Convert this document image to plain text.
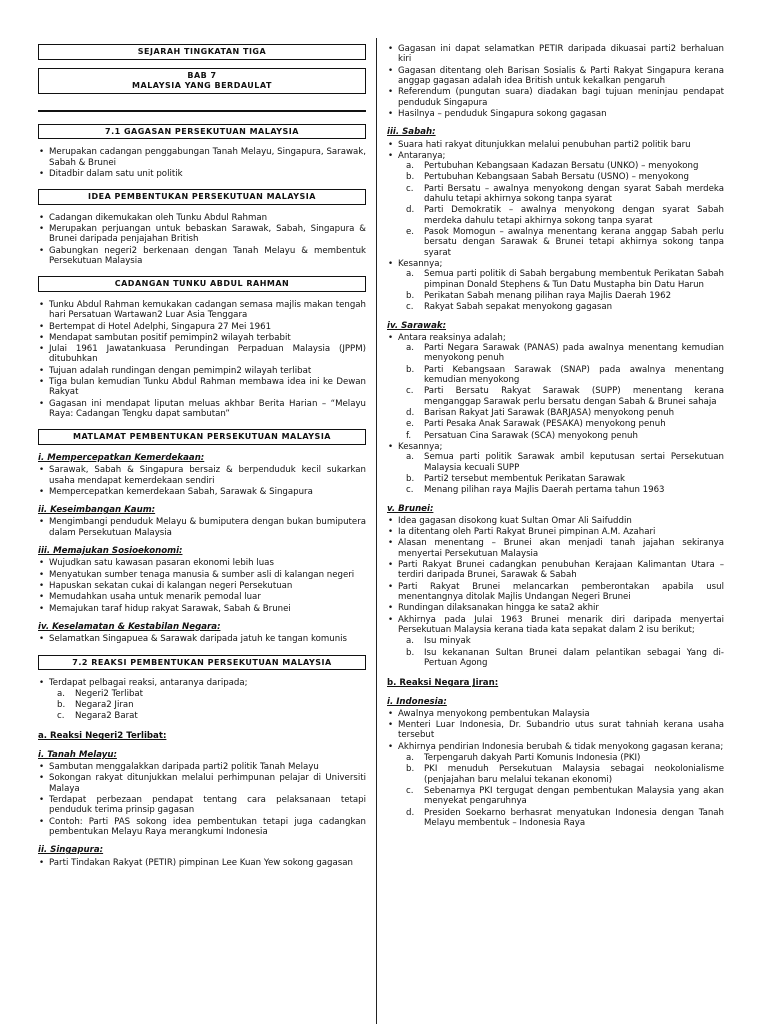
SEJARAH TINGKATAN TIGA
BAB 7
MALAYSIA YANG BERDAULAT
7.1 GAGASAN PERSEKUTUAN MALAYSIA
• Merupakan cadangan penggabungan Tanah Melayu, Singapura, Sarawak, Sabah & Brunei
• Ditadbir dalam satu unit politik
IDEA PEMBENTUKAN PERSEKUTUAN MALAYSIA
• Cadangan dikemukakan oleh Tunku Abdul Rahman
• Merupakan perjuangan untuk bebaskan Sarawak, Sabah, Singapura & Brunei daripada penjajahan British
• Gabungkan negeri2 berkenaan dengan Tanah Melayu & membentuk Persekutuan Malaysia
CADANGAN TUNKU ABDUL RAHMAN
• Tunku Abdul Rahman kemukakan cadangan semasa majlis makan tengah hari Persatuan Wartawan2 Luar Asia Tenggara
• Bertempat di Hotel Adelphi, Singapura 27 Mei 1961
• Mendapat sambutan positif pemimpin2 wilayah terbabit
• Julai 1961 Jawatankuasa Perundingan Perpaduan Malaysia (JPPM) ditubuhkan
• Tujuan adalah rundingan dengan pemimpin2 wilayah terlibat
• Tiga bulan kemudian Tunku Abdul Rahman membawa idea ini ke Dewan Rakyat
• Gagasan ini mendapat liputan meluas akhbar Berita Harian – “Melayu Raya: Cadangan Tengku dapat sambutan”
MATLAMAT PEMBENTUKAN PERSEKUTUAN MALAYSIA
i. Mempercepatkan Kemerdekaan:
• Sarawak, Sabah & Singapura bersaiz & berpenduduk kecil sukarkan usaha mendapat kemerdekaan sendiri
• Mempercepatkan kemerdekaan Sabah, Sarawak & Singapura
ii. Keseimbangan Kaum:
• Mengimbangi penduduk Melayu & bumiputera dengan bukan bumiputera dalam Persekutuan Malaysia
iii. Memajukan Sosioekonomi:
• Wujudkan satu kawasan pasaran ekonomi lebih luas
• Menyatukan sumber tenaga manusia & sumber asli di kalangan negeri
• Hapuskan sekatan cukai di kalangan negeri Persekutuan
• Memudahkan usaha untuk menarik pemodal luar
• Memajukan taraf hidup rakyat Sarawak, Sabah & Brunei
iv. Keselamatan & Kestabilan Negara:
• Selamatkan Singapuea & Sarawak daripada jatuh ke tangan komunis
7.2 REAKSI PEMBENTUKAN PERSEKUTUAN MALAYSIA
• Terdapat pelbagai reaksi, antaranya daripada;
a. Negeri2 Terlibat
b. Negara2 Jiran
c. Negara2 Barat
a. Reaksi Negeri2 Terlibat:
i. Tanah Melayu:
• Sambutan menggalakkan daripada parti2 politik Tanah Melayu
• Sokongan rakyat ditunjukkan melalui perhimpunan pelajar di Universiti Malaya
• Terdapat perbezaan pendapat tentang cara pelaksanaan tetapi penduduk terima prinsip gagasan
• Contoh: Parti PAS sokong idea pembentukan tetapi juga cadangkan pembentukan Melayu Raya merangkumi Indonesia
ii. Singapura:
• Parti Tindakan Rakyat (PETIR) pimpinan Lee Kuan Yew sokong gagasan
• Gagasan ini dapat selamatkan PETIR daripada dikuasai parti2 berhaluan kiri
• Gagasan ditentang oleh Barisan Sosialis & Parti Rakyat Singapura kerana anggap gagasan adalah idea British untuk kekalkan pengaruh
• Referendum (pungutan suara) diadakan bagi tujuan meninjau pendapat penduduk Singapura
• Hasilnya – penduduk Singapura sokong gagasan
iii. Sabah:
• Suara hati rakyat ditunjukkan melalui penubuhan parti2 politik baru
• Antaranya;
a. Pertubuhan Kebangsaan Kadazan Bersatu (UNKO) – menyokong
b. Pertubuhan Kebangsaan Sabah Bersatu (USNO) – menyokong
c. Parti Bersatu – awalnya menyokong dengan syarat Sabah merdeka dahulu tetapi akhirnya sokong tanpa syarat
d. Parti Demokratik – awalnya menyokong dengan syarat Sabah merdeka dahulu tetapi akhirnya sokong tanpa syarat
e. Pasok Momogun – awalnya menentang kerana anggap Sabah perlu bersatu dengan Sarawak & Brunei tetapi akhirnya sokong tanpa syarat
• Kesannya;
a. Semua parti politik di Sabah bergabung membentuk Perikatan Sabah pimpinan Donald Stephens & Tun Datu Mustapha bin Datu Harun
b. Perikatan Sabah menang pilihan raya Majlis Daerah 1962
c. Rakyat Sabah sepakat menyokong gagasan
iv. Sarawak:
• Antara reaksinya adalah;
a. Parti Negara Sarawak (PANAS) pada awalnya menentang kemudian menyokong penuh
b. Parti Kebangsaan Sarawak (SNAP) pada awalnya menentang kemudian menyokong
c. Parti Bersatu Rakyat Sarawak (SUPP) menentang kerana menganggap Sarawak perlu bersatu dengan Sabah & Brunei sahaja
d. Barisan Rakyat Jati Sarawak (BARJASA) menyokong penuh
e. Parti Pesaka Anak Sarawak (PESAKA) menyokong penuh
f. Persatuan Cina Sarawak (SCA) menyokong penuh
• Kesannya;
a. Semua parti politik Sarawak ambil keputusan sertai Persekutuan Malaysia kecuali SUPP
b. Parti2 tersebut membentuk Perikatan Sarawak
c. Menang pilihan raya Majlis Daerah pertama tahun 1963
v. Brunei:
• Idea gagasan disokong kuat Sultan Omar Ali Saifuddin
• Ia ditentang oleh Parti Rakyat Brunei pimpinan A.M. Azahari
• Alasan menentang – Brunei akan menjadi tanah jajahan sekiranya menyertai Persekutuan Malaysia
• Parti Rakyat Brunei cadangkan penubuhan Kerajaan Kalimantan Utara – terdiri daripada Brunei, Sarawak & Sabah
• Parti Rakyat Brunei melancarkan pemberontakan apabila usul menentangnya ditolak Majlis Undangan Negeri Brunei
• Rundingan dilaksanakan hingga ke sata2 akhir
• Akhirnya pada Julai 1963 Brunei menarik diri daripada menyertai Persekutuan Malaysia kerana tiada kata sepakat dalam 2 isu berikut;
a. Isu minyak
b. Isu kekananan Sultan Brunei dalam pelantikan sebagai Yang di-Pertuan Agong
b. Reaksi Negara Jiran:
i. Indonesia:
• Awalnya menyokong pembentukan Malaysia
• Menteri Luar Indonesia, Dr. Subandrio utus surat tahniah kerana usaha tersebut
• Akhirnya pendirian Indonesia berubah & tidak menyokong gagasan kerana;
a. Terpengaruh dakyah Parti Komunis Indonesia (PKI)
b. PKI menuduh Persekutuan Malaysia sebagai neokolonialisme (penjajahan baru melalui tekanan ekonomi)
c. Sebenarnya PKI tergugat dengan pembentukan Malaysia yang akan menyekat pengaruhnya
d. Presiden Soekarno berhasrat menyatukan Indonesia dengan Tanah Melayu membentuk – Indonesia Raya
